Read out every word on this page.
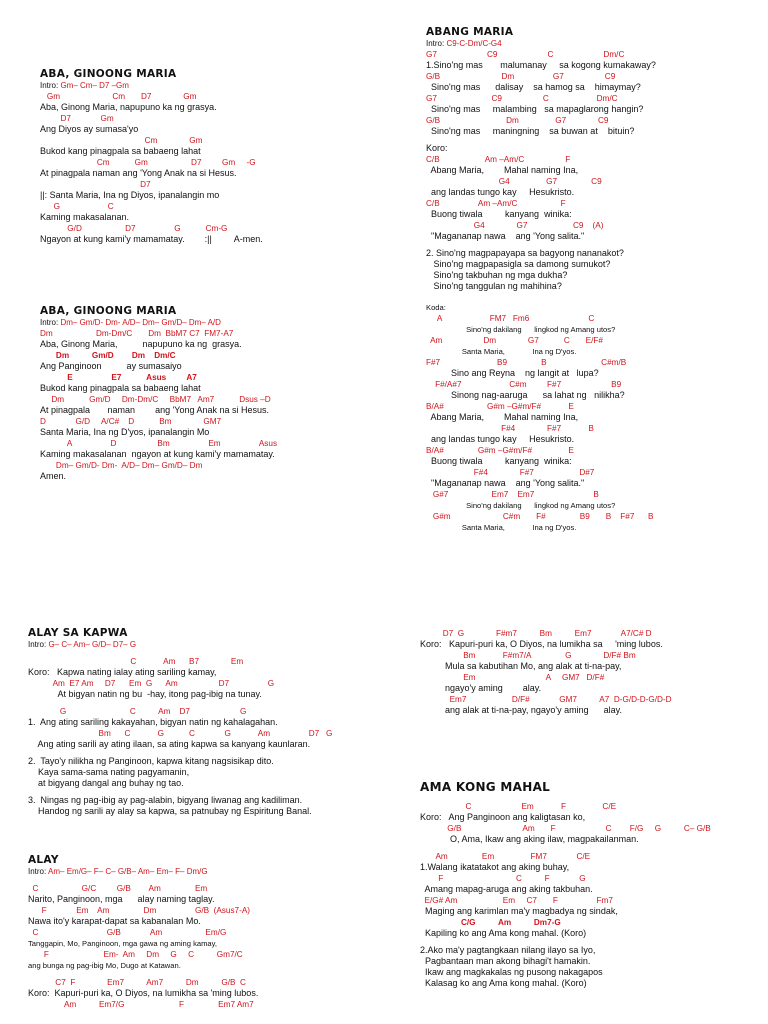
ABA, GINOONG MARIA
Intro: Gm– Cm– D7 –Gm
Gm                       Cm       D7              Gm
Aba, Ginong Maria, napupuno ka ng grasya.
D7             Gm
Ang Diyos ay sumasa'yo
Cm              Gm
Bukod kang pinagpala sa babaeng lahat
Cm           Gm                   D7         Gm     -G
At pinagpala naman ang 'Yong Anak na si Hesus.
D7
||: Santa Maria, Ina ng Diyos, ipanalangin mo
G                     C
Kaming makasalanan.
G/D                   D7                 G           Cm-G
Ngayon at kung kami'y mamamatay.        :||         A-men.
ABA, GINOONG MARIA
Intro: Dm– Gm/D- Dm- A/D– Dm– Gm/D– Dm– A/D
Dm                   Dm-Dm/C       Dm  BbM7 C7  FM7-A7
Aba, Ginong Maria,          napupuno ka ng  grasya.
Dm          Gm/D        Dm    Dm/C
Ang Panginoon          ay sumasaiyo
E                 E7           Asus         A7
Bukod kang pinagpala sa babaeng lahat
Dm           Gm/D     Dm-Dm/C     BbM7   Am7           Dsus –D
At pinagpala       naman        ang 'Yong Anak na si Hesus.
D             G/D     A/C#    D           Bm              GM7
Santa Maria, Ina ng D'yos, ipanalangin Mo
A                 D                  Bm                 Em                 Asus
Kaming makasalanan  ngayon at kung kami'y mamamatay.
Dm– Gm/D- Dm-  A/D– Dm– Gm/D– Dm
Amen.
ABANG MARIA
Intro: C9-C-Dm/C-G4
G7                      C9                      C                      Dm/C
1.Sino'ng mas       malumanay     sa kogong kumakaway?
G/B                           Dm                 G7                  C9
Sino'ng mas      dalisay    sa hamog sa    himaymay?
G7                        C9                  C                     Dm/C
Sino'ng mas     malambing   sa mapaglarong hangin?
G/B                             Dm                G7              C9
Sino'ng mas     maningning    sa buwan at    bituin?
Koro:
C/B                    Am –Am/C                  F
Abang Maria,        Mahal naming Ina,
G4                G7               C9
ang landas tungo kay     Hesukristo.
C/B                 Am –Am/C                   F
Buong tiwala         kanyang  winika:
G4              G7                    C9    (A)
"Maganaпap nawa    ang 'Yong salita."
2. Sino'ng magpapayapa sa bagyong nananakot?
Sino'ng magpapasigla sa damong sumukot?
Sino'ng takbuhan ng mga dukha?
Sino'ng tanggulan ng mahihina?
Koda:
A                     FM7   Fm6                          C
Sino'ng dakilang      lingkod ng Amang utos?
Am                  Dm              G7           C       E/F#
Santa Maria,             Ina ng D'yos.
F#7                         B9               B                        C#m/B
Sino ang Reyna    ng langit at   lupa?
F#/A#7                     C#m         F#7                      B9
Sinong nag-aaruga      sa lahat ng   nilikha?
B/A#                   G#m –G#m/F#            E
Abang Maria,        Mahal naming Ina,
F#4              F#7            B
ang landas tungo kay     Hesukristo.
B/A#               G#m –G#m/F#                E
Buong tiwala         kanyang  winika:
F#4              F#7                    D#7
"Maganaпap nawa    ang 'Yong salita."
G#7                   Em7    Em7                          B
Sino'ng dakilang      lingkod ng Amang utos?
G#m                       C#m       F#               B9       B    F#7      B
Santa Maria,             Ina ng D'yos.
ALAY SA KAPWA
Intro: G– C– Am– G/D– D7– G
C            Am      B7              Em
Koro:   Kapwa nating ialay ating sariling kamay,
Am  E7 Am     D7      Em  G      Am                  D7                 G
At bigyan natin ng bu  -hay, itong pag-ibig na tunay.
G                            C          Am    D7                      G
1.  Ang ating sariling kakayahan, bigyan natin ng kahalagahan.
Bm      C            G           C             G            Am                 D7   G
Ang ating sarili ay ating ilaan, sa ating kapwa sa kanyang kaunlaran.
2.  Tayo'y nilikha ng Panginoon, kapwa kitang nagsisikap dito.
Kaya sama-sama nating pagyamanin,
at bigyang dangal ang buhay ng tao.
3.  Ningas ng pag-ibig ay pag-alabin, bigyang liwanag ang kadiliman.
Handog ng sarili ay alay sa kapwa, sa patnubay ng Espiritung Banal.
ALAY
Intro: Am– Em/G– F– C– G/B– Am– Em– F– Dm/G
C                   G/C         G/B        Am               Em
Narito, Panginoon, mga      alay naming taglay.
F             Em    Am               Dm                 G/B  (Asus7-A)
Nawa ito'y karapat-dapat sa kabanalan Mo.
C                              G/B             Am                   Em/G
Tanggapin, Mo, Panginoon, mga gawa ng aming kamay,
F                        Em-  Am     Dm     G     C          Gm7/C
ang bunga ng pag-ibig Mo, Dugo at Katawan.
C7  F              Em7          Am7          Dm          G/B  C
Koro:  Kapuri-puri ka, O Diyos, na lumikha sa 'ming lubos.
Am          Em7/G                        F               Em7 Am7
D7  G              F#m7          Bm          Em7             A7/C# D
Koro:   Kapuri-puri ka, O Diyos, na lumikha sa     'ming lubos.
Bm            F#m7/A               G              D/F# Bm
Mula sa kabutihan Mo, ang alak at ti-na-pay,
Em                               A     GM7   D/F#
ngayo'y aming        alay.
Em7                    D/F#             GM7          A7  D-G/D-D-G/D-D
ang alak at ti-na-pay, ngayo'y aming      alay.
AMA KONG MAHAL
C                      Em            F                C/E
Koro:   Ang Panginoon ang kaligtasan ko,
G/B                           Am       F                      C        F/G     G          C– G/B
O, Ama, Ikaw ang aking ilaw, magpakailanman.
Am               Em                FM7             C/E
1.Walang ikatatakot ang aking buhay,
F                                C          F             G
Amang mapag-aruga ang aking takbuhan.
E/G# Am                    Em     C7       F                 Fm7
Maging ang karimlan ma'y magbadya ng sindak,
C/G          Am          Dm7-G
Kapiling ko ang Ama kong mahal. (Koro)
2.Ako ma'y pagtangkaan nilang ilayo sa Iyo,
Pagbantaan man akong bihagi't hamakin.
Ikaw ang magkakalas ng pusong nakagapos
Kalasag ko ang Ama kong mahal. (Koro)
